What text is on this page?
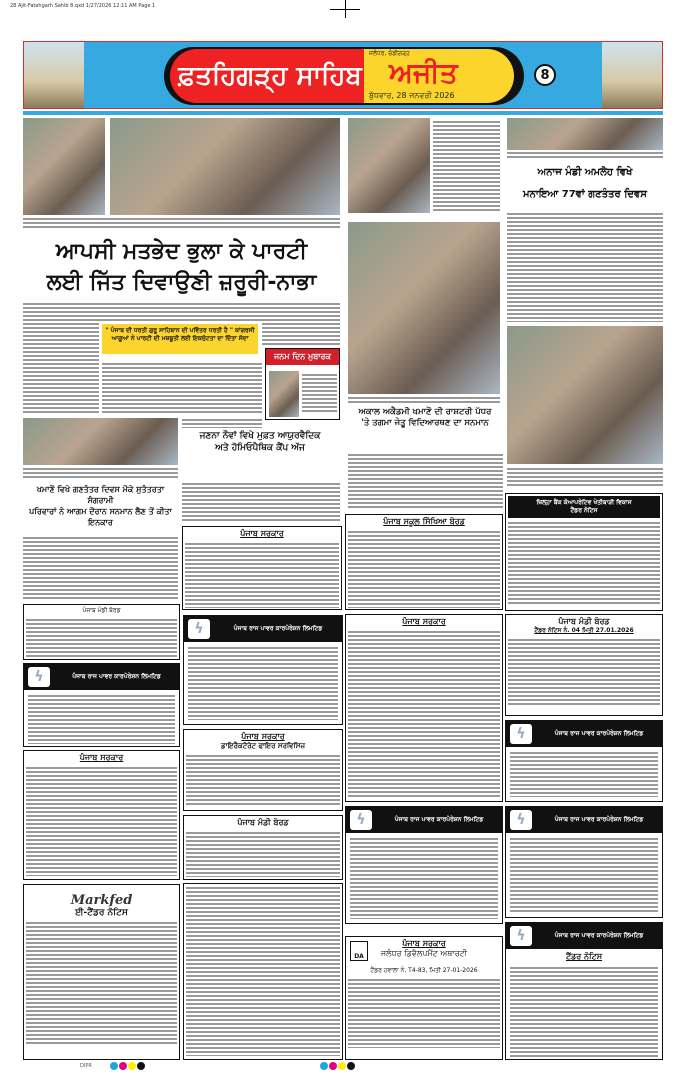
28 Ajit-Fatehgarh Sahib 8.qxd 1/27/2026 12:11 AM Page 1
ਫ਼ਤਹਿਗੜ੍ਹ ਸਾਹਿਬ
ਜਲੰਧਰ, ਚੰਡੀਗੜ੍ਹ
ਅਜੀਤ
ਬੁੱਧਵਾਰ, 28 ਜਨਵਰੀ 2026
8
ਆਪਸੀ ਮਤਭੇਦ ਭੁਲਾ ਕੇ ਪਾਰਟੀ
ਲਈ ਜਿੱਤ ਦਿਵਾਉਣੀ ਜ਼ਰੂਰੀ-ਨਾਭਾ
" ਪੰਜਾਬ ਦੀ ਧਰਤੀ ਗੁਰੂ ਸਾਹਿਬਾਨ ਦੀ ਪਵਿੱਤਰ ਧਰਤੀ ਹੈ " ਕਾਂਗਰਸੀ ਆਗੂਆਂ ਨੇ ਪਾਰਟੀ ਦੀ ਮਜ਼ਬੂਤੀ ਲਈ ਇਕਜੁੱਟਤਾ ਦਾ ਦਿੱਤਾ ਸੱਦਾ
ਜਨਮ ਦਿਨ ਮੁਬਾਰਕ
ਜਣਨਾ ਨੌਵਾਂ ਵਿਖੇ ਮੁਫ਼ਤ ਆਯੁਰਵੈਦਿਕ
ਅਤੇ ਹੋਮਿਓਪੈਥਿਕ ਕੈਂਪ ਅੱਜ
ਖਮਾਣੋਂ ਵਿਖੇ ਗਣਤੰਤਰ ਦਿਵਸ ਮੌਕੇ ਸੁਤੰਤਰਤਾ ਸੰਗਰਾਮੀ
ਪਰਿਵਾਰਾਂ ਨੇ ਆਗਮ ਦੌਰਾਨ ਸਨਮਾਨ ਲੈਣ ਤੋਂ ਕੀਤਾ ਇਨਕਾਰ
ਪੰਜਾਬ ਸਰਕਾਰ
ਅਕਾਲ ਅਕੈਡਮੀ ਖਮਾਣੋਂ ਦੀ ਰਾਸ਼ਟਰੀ ਪੱਧਰ
'ਤੇ ਤਗਮਾ ਜੇਤੂ ਵਿਦਿਆਰਥਣ ਦਾ ਸਨਮਾਨ
ਪੰਜਾਬ ਸਕੂਲ ਸਿੱਖਿਆ ਬੋਰਡ
ਅਨਾਜ ਮੰਡੀ ਅਮਲੋਹ ਵਿਖੇ
ਮਨਾਇਆ 77ਵਾਂ ਗਣਤੰਤਰ ਦਿਵਸ
ਜ਼ਿਲ੍ਹਾ ਬੈਂਕ ਕੋਆਪਰੇਟਿਵ ਖੇਤੀਬਾੜੀ ਵਿਕਾਸ
ਟੈਂਡਰ ਨੋਟਿਸ
ਪੰਜਾਬ ਮੰਡੀ ਬੋਰਡ
ϟ	ਪੰਜਾਬ ਰਾਜ ਪਾਵਰ ਕਾਰਪੋਰੇਸ਼ਨ ਲਿਮਟਿਡ
ਪੰਜਾਬ ਸਰਕਾਰ
Markfed
ਈ-ਟੈਂਡਰ ਨੋਟਿਸ
ϟ	ਪੰਜਾਬ ਰਾਜ ਪਾਵਰ ਕਾਰਪੋਰੇਸ਼ਨ ਲਿਮਟਿਡ
ਪੰਜਾਬ ਸਰਕਾਰ
ਡਾਇਰੈਕਟੋਰੇਟ ਫਾਇਰ ਸਰਵਿਸਿਜ਼
ਪੰਜਾਬ ਮੰਡੀ ਬੋਰਡ
ਪੰਜਾਬ ਸਰਕਾਰ
ϟ	ਪੰਜਾਬ ਰਾਜ ਪਾਵਰ ਕਾਰਪੋਰੇਸ਼ਨ ਲਿਮਟਿਡ
DA
ਪੰਜਾਬ ਸਰਕਾਰ
ਜਲੰਧਰ ਡਿਵੈਲਪਮੈਂਟ ਅਥਾਰਟੀ
ਟੈਂਡਰ ਹਵਾਲਾ ਨੰ. T4-83, ਮਿਤੀ 27-01-2026
ਪੰਜਾਬ ਮੰਡੀ ਬੋਰਡ
ਟੈਂਡਰ ਨੋਟਿਸ ਨੰ. 04 ਮਿਤੀ 27.01.2026
ϟ	ਪੰਜਾਬ ਰਾਜ ਪਾਵਰ ਕਾਰਪੋਰੇਸ਼ਨ ਲਿਮਟਿਡ
ϟ	ਪੰਜਾਬ ਰਾਜ ਪਾਵਰ ਕਾਰਪੋਰੇਸ਼ਨ ਲਿਮਟਿਡ
ϟ	ਪੰਜਾਬ ਰਾਜ ਪਾਵਰ ਕਾਰਪੋਰੇਸ਼ਨ ਲਿਮਟਿਡ
ਟੈਂਡਰ ਨੋਟਿਸ
DIPR
